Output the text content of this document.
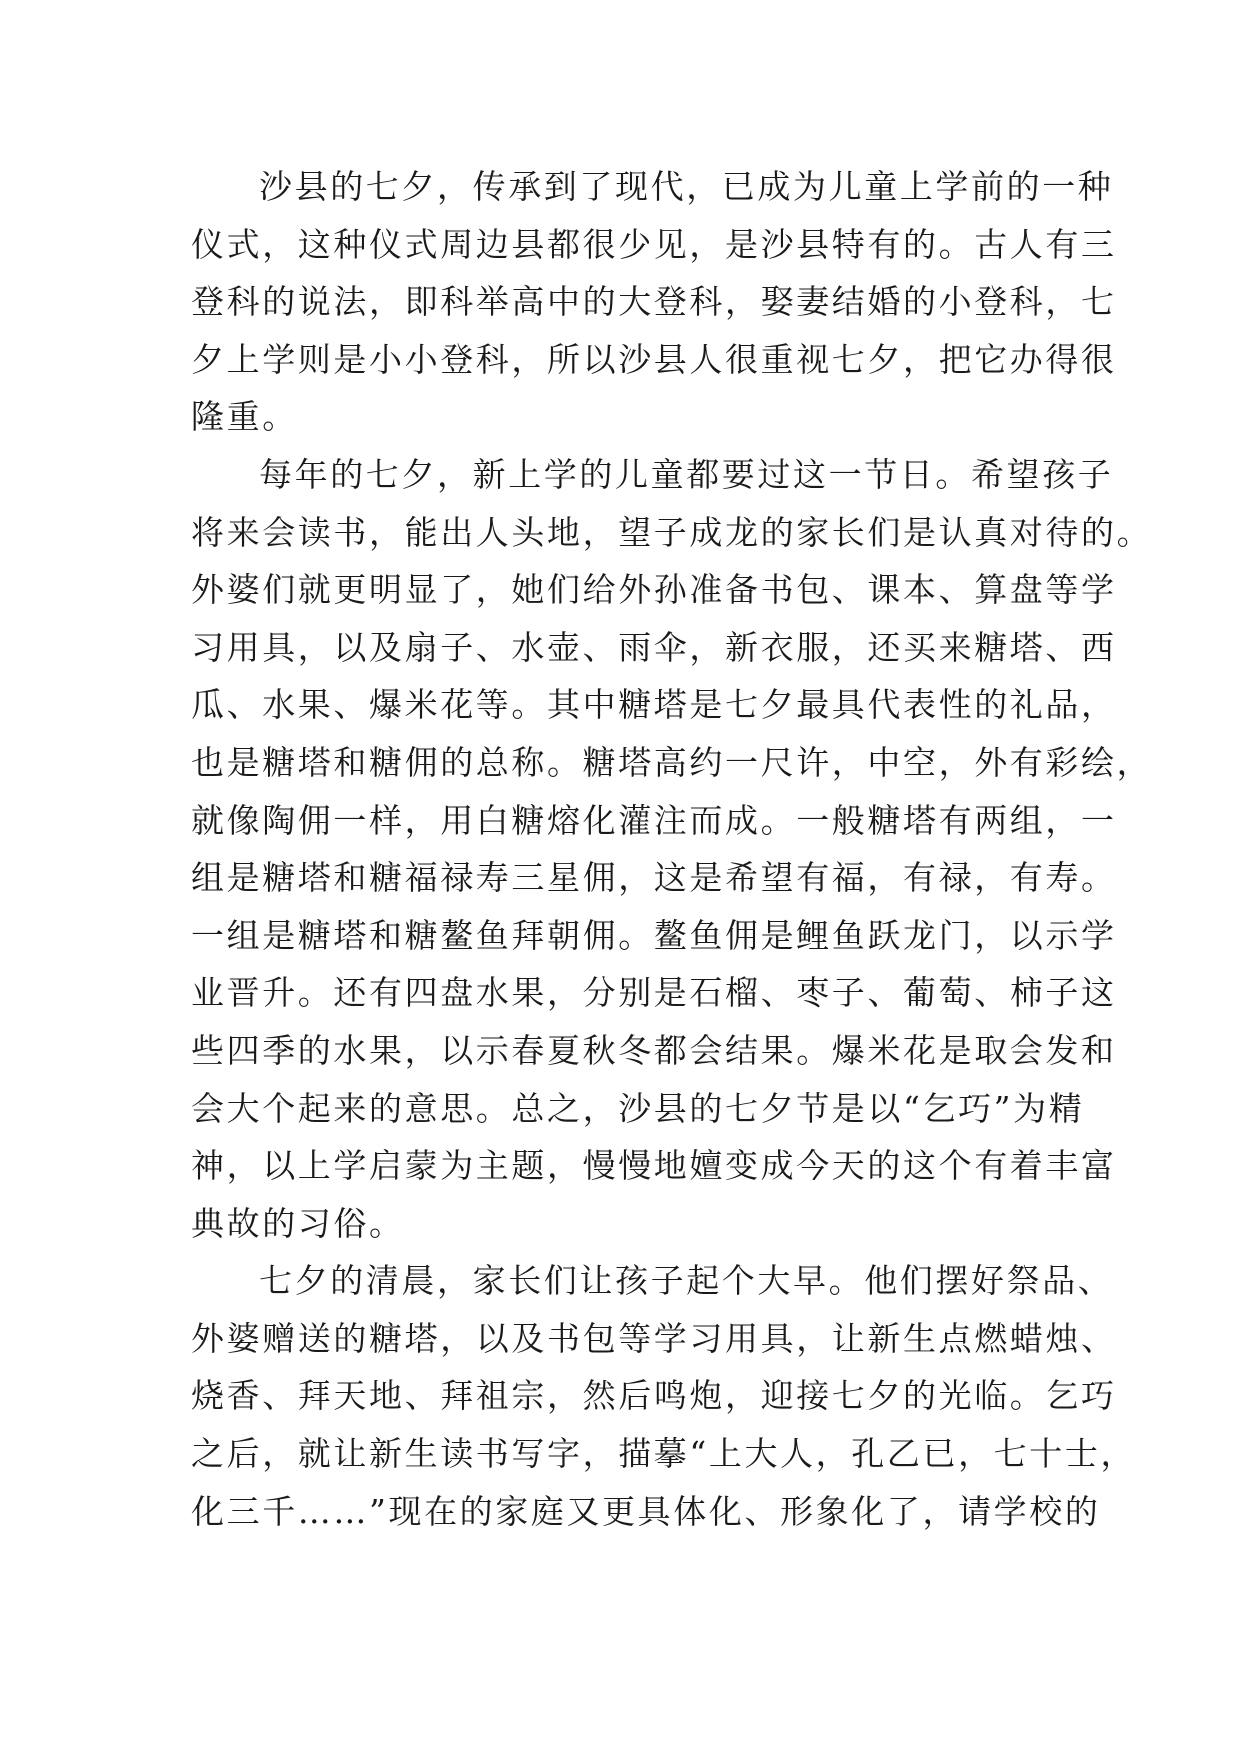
沙县的七夕，传承到了现代，已成为儿童上学前的一种
仪式，这种仪式周边县都很少见，是沙县特有的。古人有三
登科的说法，即科举高中的大登科，娶妻结婚的小登科，七
夕上学则是小小登科，所以沙县人很重视七夕，把它办得很
隆重。
每年的七夕，新上学的儿童都要过这一节日。希望孩子
将来会读书，能出人头地，望子成龙的家长们是认真对待的。
外婆们就更明显了，她们给外孙准备书包、课本、算盘等学
习用具，以及扇子、水壶、雨伞，新衣服，还买来糖塔、西
瓜、水果、爆米花等。其中糖塔是七夕最具代表性的礼品，
也是糖塔和糖佣的总称。糖塔高约一尺许，中空，外有彩绘，
就像陶佣一样，用白糖熔化灌注而成。一般糖塔有两组，一
组是糖塔和糖福禄寿三星佣，这是希望有福，有禄，有寿。
一组是糖塔和糖鳌鱼拜朝佣。鳌鱼佣是鲤鱼跃龙门，以示学
业晋升。还有四盘水果，分别是石榴、枣子、葡萄、柿子这
些四季的水果，以示春夏秋冬都会结果。爆米花是取会发和
会大个起来的意思。总之，沙县的七夕节是以“乞巧”为精
神，以上学启蒙为主题，慢慢地嬗变成今天的这个有着丰富
典故的习俗。
七夕的清晨，家长们让孩子起个大早。他们摆好祭品、
外婆赠送的糖塔，以及书包等学习用具，让新生点燃蜡烛、
烧香、拜天地、拜祖宗，然后鸣炮，迎接七夕的光临。乞巧
之后，就让新生读书写字，描摹“上大人，孔乙已，七十士，
化三千……”现在的家庭又更具体化、形象化了，请学校的
